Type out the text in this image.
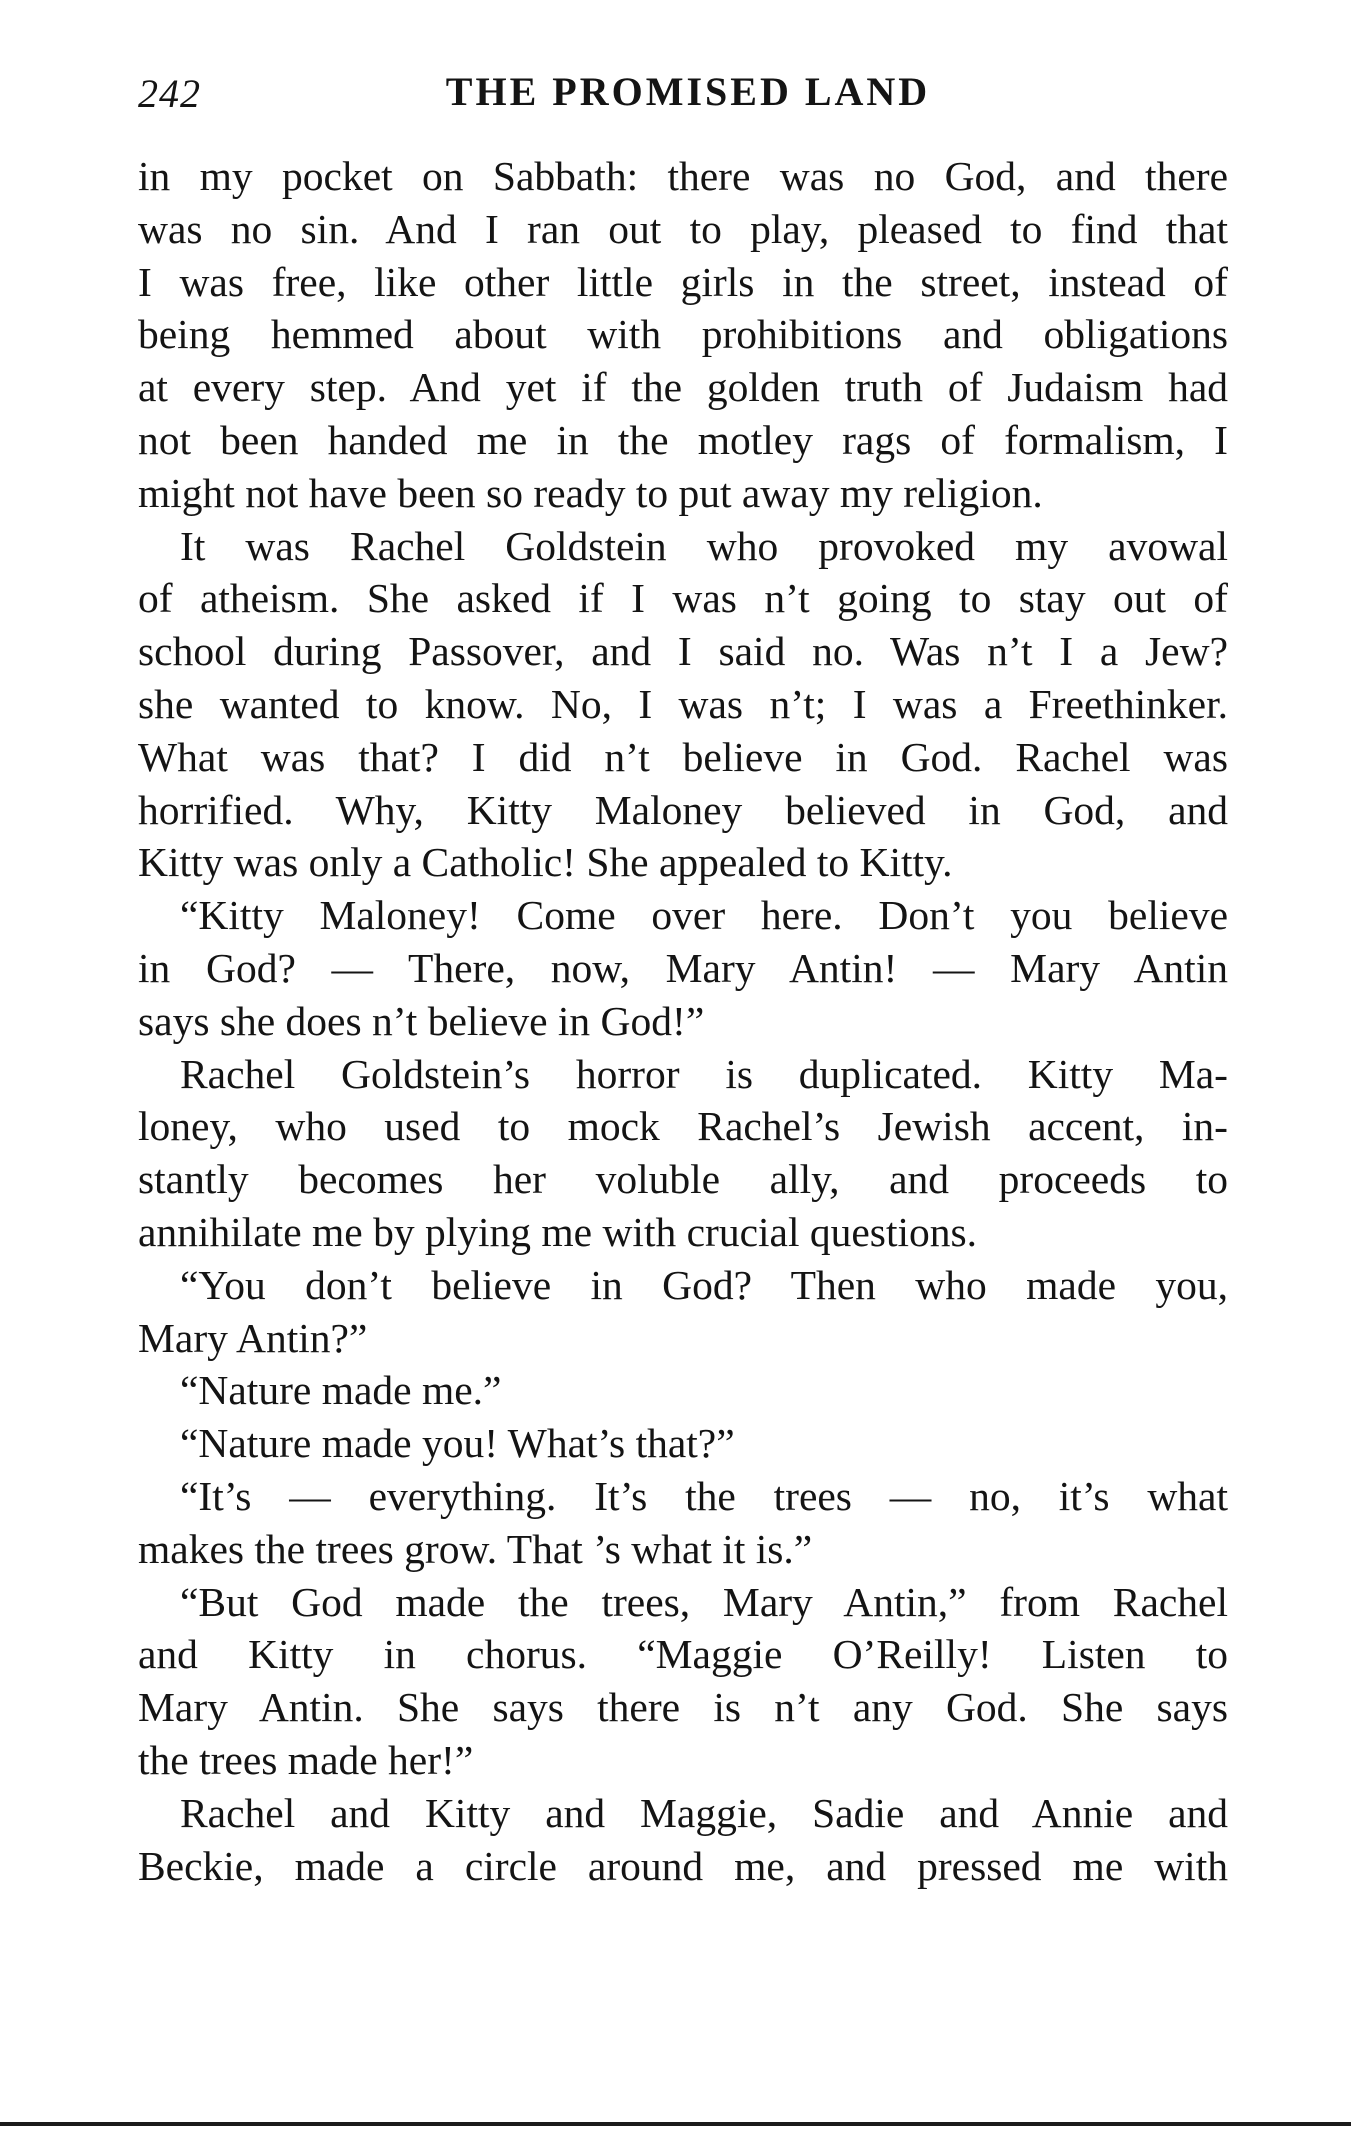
242	THE PROMISED LAND
in my pocket on Sabbath: there was no God, and there
was no sin. And I ran out to play, pleased to find that
I was free, like other little girls in the street, instead of
being hemmed about with prohibitions and obligations
at every step. And yet if the golden truth of Judaism had
not been handed me in the motley rags of formalism, I
might not have been so ready to put away my religion.
It was Rachel Goldstein who provoked my avowal
of atheism. She asked if I was n’t going to stay out of
school during Passover, and I said no. Was n’t I a Jew?
she wanted to know. No, I was n’t; I was a Freethinker.
What was that? I did n’t believe in God. Rachel was
horrified. Why, Kitty Maloney believed in God, and
Kitty was only a Catholic! She appealed to Kitty.
“Kitty Maloney! Come over here. Don’t you believe
in God? — There, now, Mary Antin! — Mary Antin
says she does n’t believe in God!”
Rachel Goldstein’s horror is duplicated. Kitty Ma-
loney, who used to mock Rachel’s Jewish accent, in-
stantly becomes her voluble ally, and proceeds to
annihilate me by plying me with crucial questions.
“You don’t believe in God? Then who made you,
Mary Antin?”
“Nature made me.”
“Nature made you! What’s that?”
“It’s — everything. It’s the trees — no, it’s what
makes the trees grow. That ’s what it is.”
“But God made the trees, Mary Antin,” from Rachel
and Kitty in chorus. “Maggie O’Reilly! Listen to
Mary Antin. She says there is n’t any God. She says
the trees made her!”
Rachel and Kitty and Maggie, Sadie and Annie and
Beckie, made a circle around me, and pressed me with
